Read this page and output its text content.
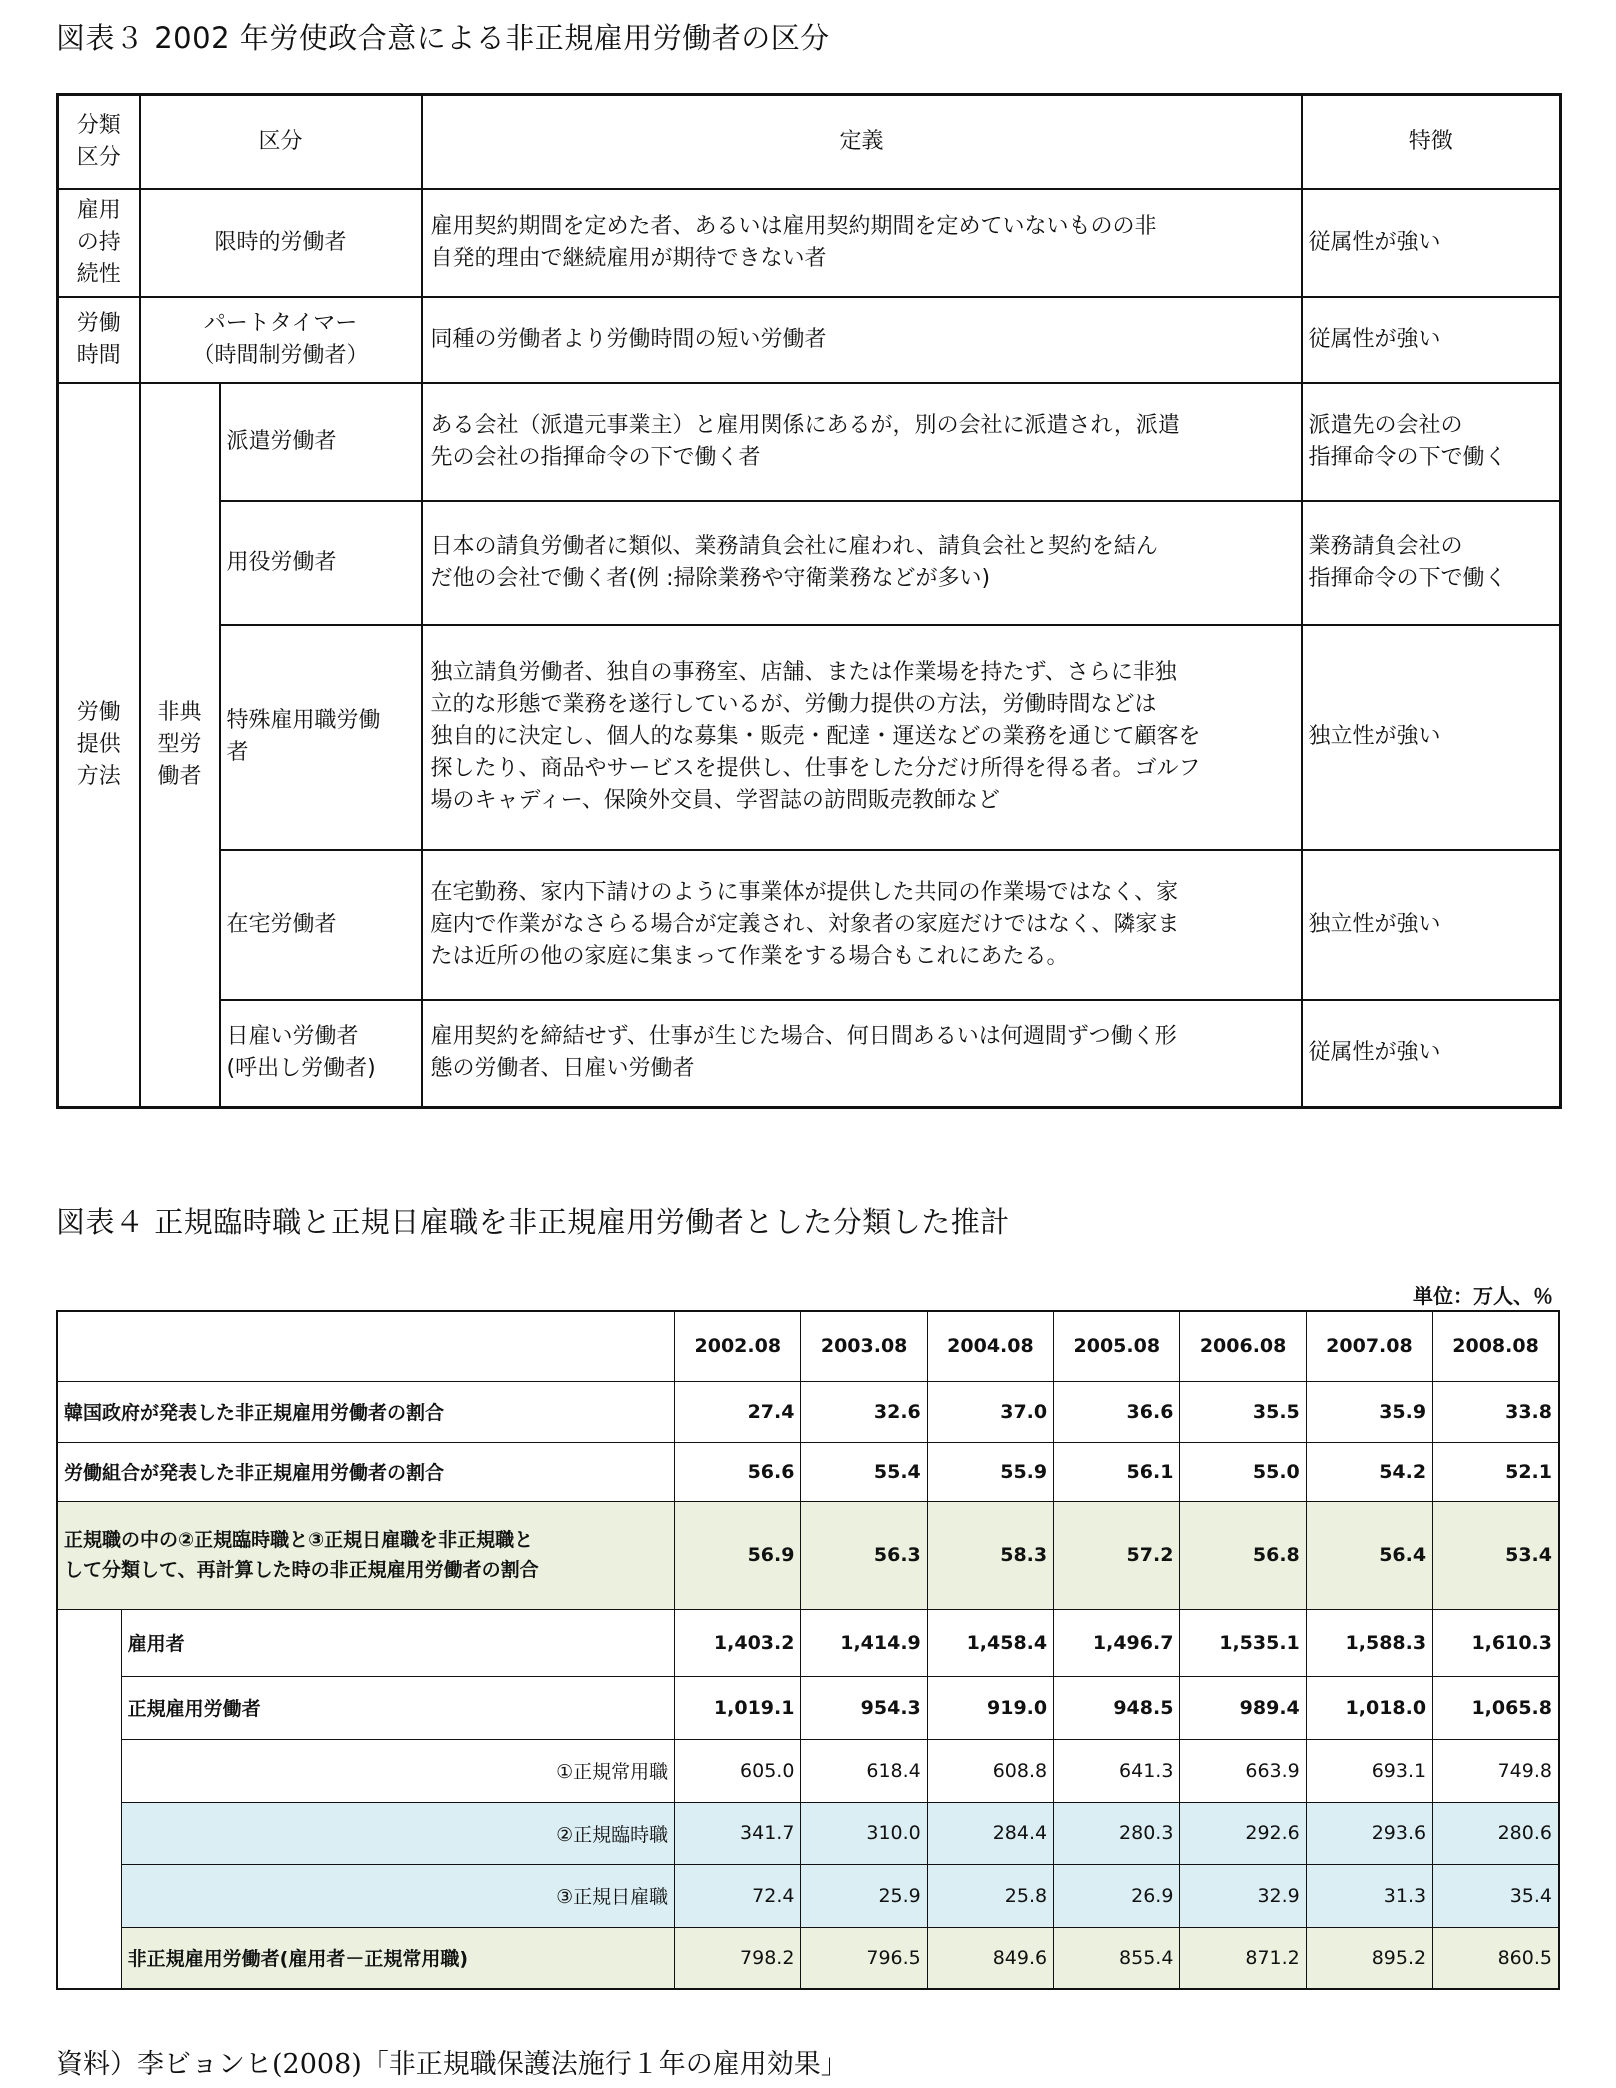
図表３ 2002 年労使政合意による非正規雇用労働者の区分
分類
区分	区分		定義	特徴
雇用
の持
続性	限時的労働者		雇用契約期間を定めた者、あるいは雇用契約期間を定めていないものの非
自発的理由で継続雇用が期待できない者	従属性が強い
労働
時間	パートタイマー
（時間制労働者）		同種の労働者より労働時間の短い労働者	従属性が強い
労働
提供
方法	非典
型労
働者	派遣労働者	ある会社（派遣元事業主）と雇用関係にあるが，別の会社に派遣され，派遣
先の会社の指揮命令の下で働く者	派遣先の会社の
指揮命令の下で働く
		用役労働者	日本の請負労働者に類似、業務請負会社に雇われ、請負会社と契約を結ん
だ他の会社で働く者(例 :掃除業務や守衛業務などが多い)	業務請負会社の
指揮命令の下で働く
		特殊雇用職労働
者	独立請負労働者、独自の事務室、店舗、または作業場を持たず、さらに非独
立的な形態で業務を遂行しているが、労働力提供の方法，労働時間などは
独自的に決定し、個人的な募集・販売・配達・運送などの業務を通じて顧客を
探したり、商品やサービスを提供し、仕事をした分だけ所得を得る者。ゴルフ
場のキャディー、保険外交員、学習誌の訪問販売教師など	独立性が強い
		在宅労働者	在宅勤務、家内下請けのように事業体が提供した共同の作業場ではなく、家
庭内で作業がなさらる場合が定義され、対象者の家庭だけではなく、隣家ま
たは近所の他の家庭に集まって作業をする場合もこれにあたる。	独立性が強い
		日雇い労働者
(呼出し労働者)	雇用契約を締結せず、仕事が生じた場合、何日間あるいは何週間ずつ働く形
態の労働者、日雇い労働者	従属性が強い
図表４ 正規臨時職と正規日雇職を非正規雇用労働者とした分類した推計
単位：万人、％
		2002.08	2003.08	2004.08	2005.08	2006.08	2007.08	2008.08
韓国政府が発表した非正規雇用労働者の割合		27.4	32.6	37.0	36.6	35.5	35.9	33.8
労働組合が発表した非正規雇用労働者の割合		56.6	55.4	55.9	56.1	55.0	54.2	52.1
正規職の中の②正規臨時職と③正規日雇職を非正規職と
して分類して、再計算した時の非正規雇用労働者の割合		56.9	56.3	58.3	57.2	56.8	56.4	53.4
	雇用者	1,403.2	1,414.9	1,458.4	1,496.7	1,535.1	1,588.3	1,610.3
	正規雇用労働者	1,019.1	954.3	919.0	948.5	989.4	1,018.0	1,065.8
	①正規常用職	605.0	618.4	608.8	641.3	663.9	693.1	749.8
	②正規臨時職	341.7	310.0	284.4	280.3	292.6	293.6	280.6
	③正規日雇職	72.4	25.9	25.8	26.9	32.9	31.3	35.4
	非正規雇用労働者(雇用者－正規常用職)	798.2	796.5	849.6	855.4	871.2	895.2	860.5
資料）李ビョンヒ(2008)「非正規職保護法施行１年の雇用効果」
